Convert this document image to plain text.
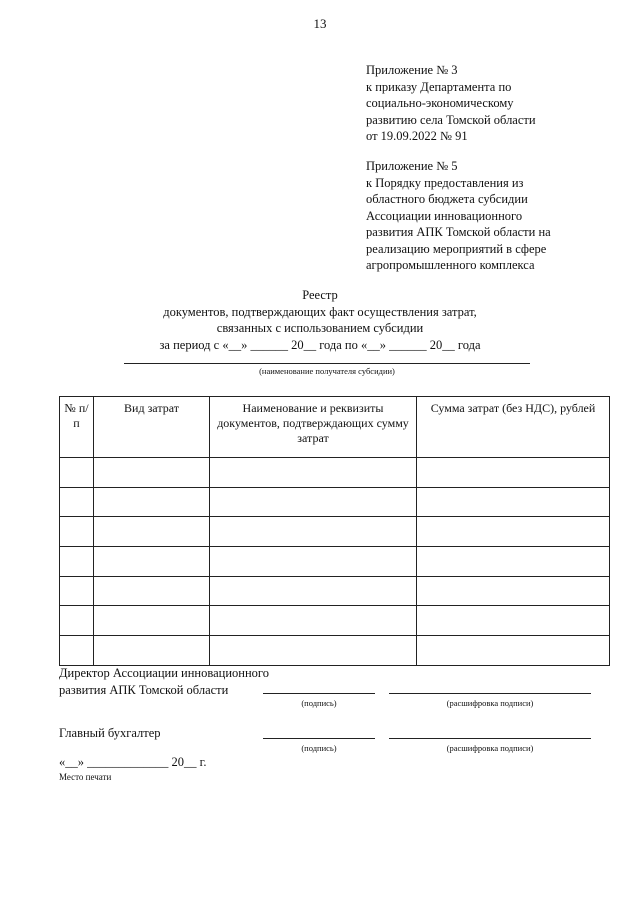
13
Приложение № 3
к приказу Департамента по
социально-экономическому
развитию села Томской области
от 19.09.2022 № 91
Приложение № 5
к Порядку предоставления из
областного бюджета субсидии
Ассоциации инновационного
развития АПК Томской области на
реализацию мероприятий в сфере
агропромышленного комплекса
Реестр
документов, подтверждающих факт осуществления затрат,
связанных с использованием субсидии
за период с «__» ______ 20__ года по «__» ______ 20__ года
(наименование получателя субсидии)
№ п/п	Вид затрат	Наименование и реквизиты документов, подтверждающих сумму затрат	Сумма затрат (без НДС), рублей

Директор Ассоциации инновационного
развития АПК Томской области
(подпись)	(расшифровка подписи)
Главный бухгалтер
(подпись)	(расшифровка подписи)
«__» _____________ 20__ г.
Место печати
